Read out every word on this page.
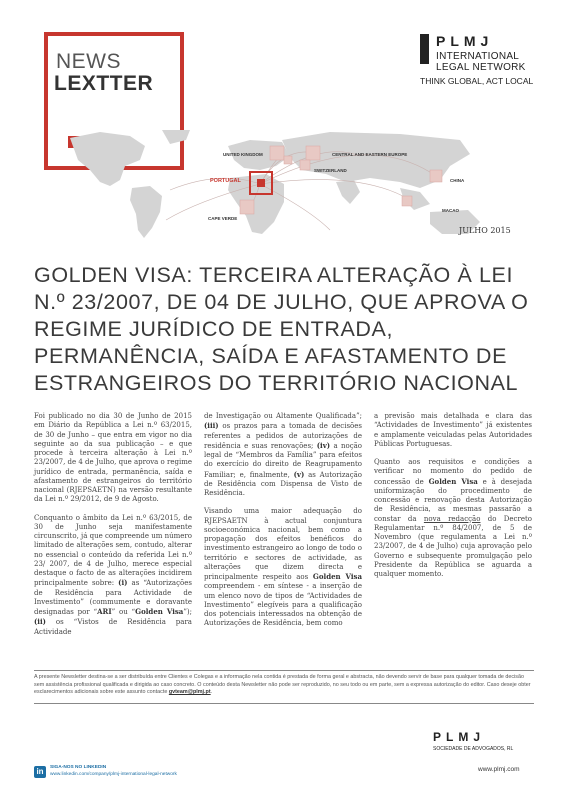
NEWS
LEXTTER
PLMJ
INTERNATIONAL
LEGAL NETWORK
THINK GLOBAL, ACT LOCAL
UNITED KINGDOM	CENTRAL AND EASTERN EUROPE
PORTUGAL
SWITZERLAND
CHINA
MACAO
CAPE VERDE
JULHO 2015
GOLDEN VISA: TERCEIRA ALTERAÇÃO À LEI N.º 23/2007, DE 04 DE JULHO, QUE APROVA O REGIME JURÍDICO DE ENTRADA, PERMANÊNCIA, SAÍDA E AFASTAMENTO DE ESTRANGEIROS DO TERRITÓRIO NACIONAL

Foi publicado no dia 30 de Junho de 2015 em Diário da República a Lei n.º 63/2015, de 30 de Junho – que entra em vigor no dia seguinte ao da sua publicação – e que procede à terceira alteração à Lei n.º 23/2007, de 4 de Julho, que aprova o regime jurídico de entrada, permanência, saída e afastamento de estrangeiros do território nacional (RJEPSAETN) na versão resultante da Lei n.º 29/2012, de 9 de Agosto.

Conquanto o âmbito da Lei n.º 63/2015, de 30 de Junho seja manifestamente circunscrito, já que compreende um número limitado de alterações sem, contudo, alterar no essencial o conteúdo da referida Lei n.º 23/ 2007, de 4 de Julho, merece especial destaque o facto de as alterações incidirem principalmente sobre: (i) as “Autorizações de Residência para Actividade de Investimento” (commumente e doravante designadas por “ARI” ou “Golden Visa”); (ii) os “Vistos de Residência para Actividade

de Investigação ou Altamente Qualificada”; (iii) os prazos para a tomada de decisões referentes a pedidos de autorizações de residência e suas renovações; (iv) a noção legal de “Membros da Família” para efeitos do exercício do direito de Reagrupamento Familiar; e, finalmente, (v) as Autorização de Residência com Dispensa de Visto de Residência.

Visando uma maior adequação do RJEPSAETN à actual conjuntura socioeconómica nacional, bem como a propagação dos efeitos benéficos do investimento estrangeiro ao longo de todo o território e sectores de actividade, as alterações que dizem directa e principalmente respeito aos Golden Visa compreendem - em síntese - a inserção de um elenco novo de tipos de “Actividades de Investimento” elegíveis para a qualificação dos potenciais interessados na obtenção de Autorizações de Residência, bem como

a previsão mais detalhada e clara das “Actividades de Investimento” já existentes e amplamente veiculadas pelas Autoridades Públicas Portuguesas.

Quanto aos requisitos e condições a verificar no momento do pedido de concessão de Golden Visa e à desejada uniformização do procedimento de concessão e renovação desta Autorização de Residência, as mesmas passarão a constar da nova redacção do Decreto Regulamentar n.º 84/2007, de 5 de Novembro (que regulamenta a Lei n.º 23/2007, de 4 de Julho) cuja aprovação pelo Governo e subsequente promulgação pelo Presidente da República se aguarda a qualquer momento.

A presente Newsletter destina-se a ser distribuída entre Clientes e Colegas e a informação nela contida é prestada de forma geral e abstracta, não devendo servir de base para qualquer tomada de decisão sem assistência profissional qualificada e dirigida ao caso concreto. O conteúdo desta Newsletter não pode ser reproduzido, no seu todo ou em parte, sem a expressa autorização do editor. Caso deseje obter esclarecimentos adicionais sobre este assunto contacte gvteam@plmj.pt.
in	SIGA-NOS NO LINKEDIN
www.linkedin.com/company/plmj-international-legal-network
PLMJ
SOCIEDADE DE ADVOGADOS, RL
www.plmj.com
